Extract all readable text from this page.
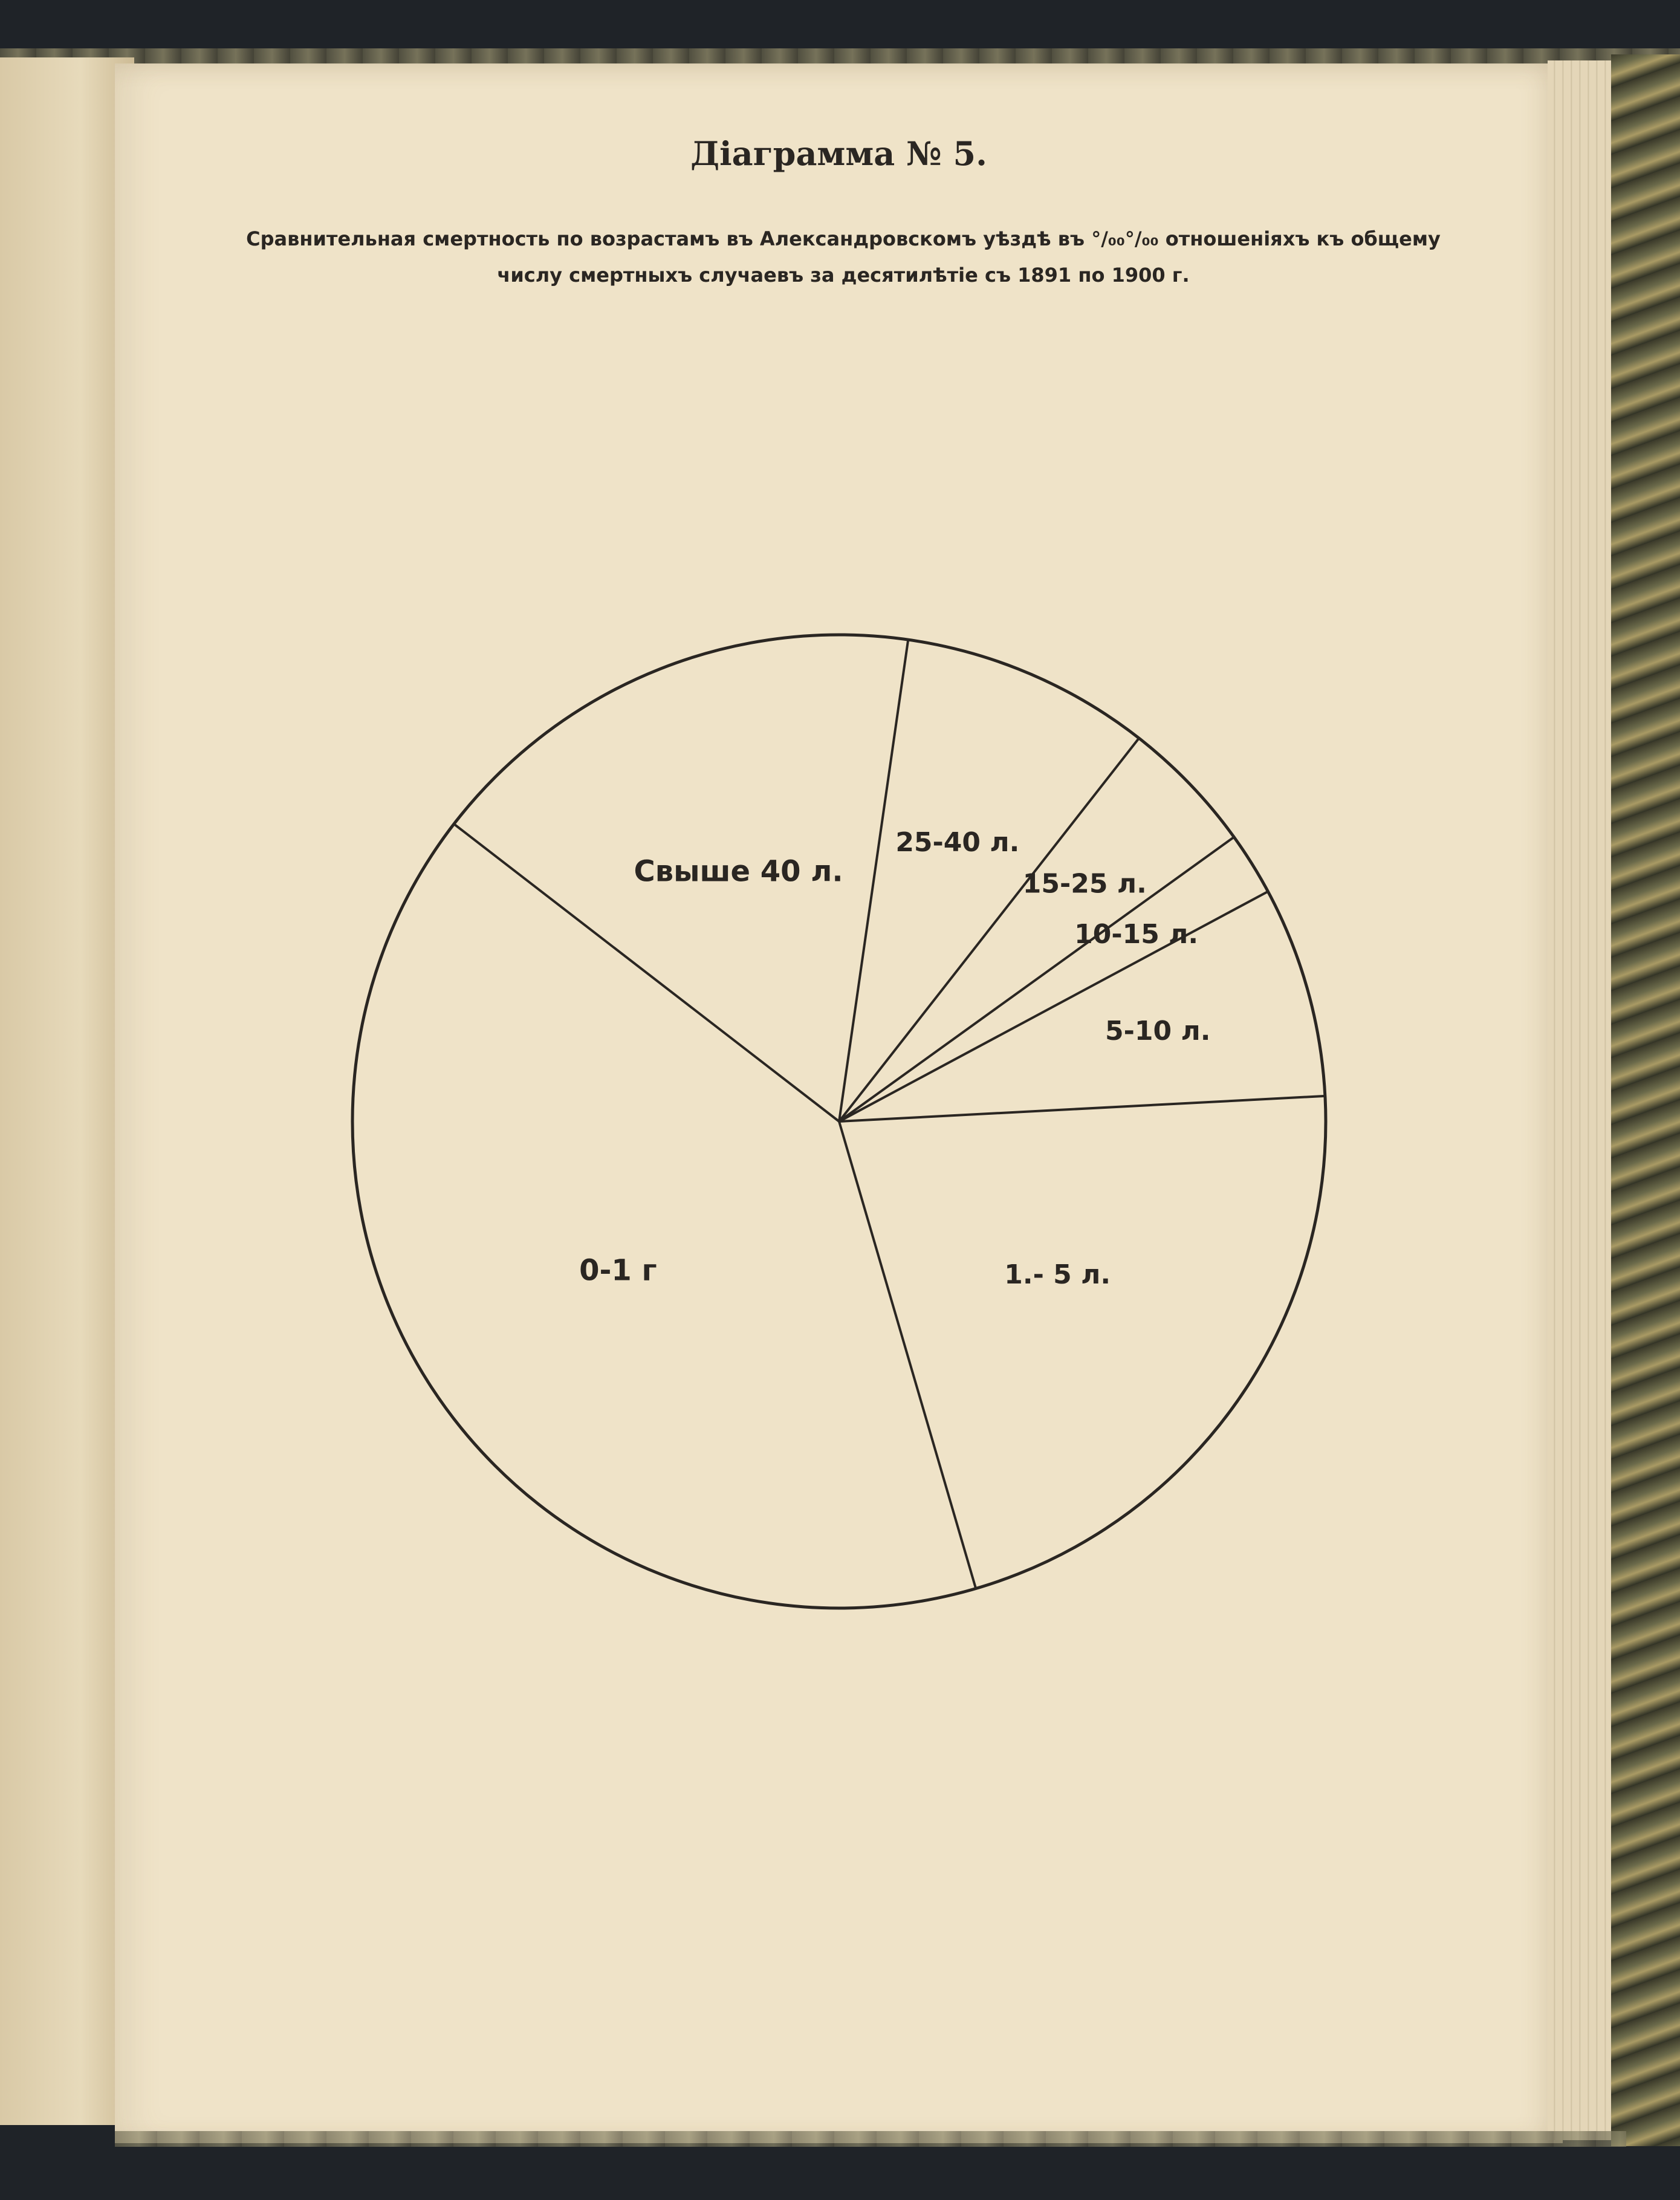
Діаграмма № 5.
Сравнительная смертность по возрастамъ въ Александровскомъ уѣздѣ въ °/₀₀°/₀₀ отношеніяхъ къ общему
числу смертныхъ случаевъ за десятилѣтіе съ 1891 по 1900 г.
1.- 5 л.
0-1 г
Свыше 40 л.
25-40 л.
15-25 л.
10-15 л.
5-10 л.
